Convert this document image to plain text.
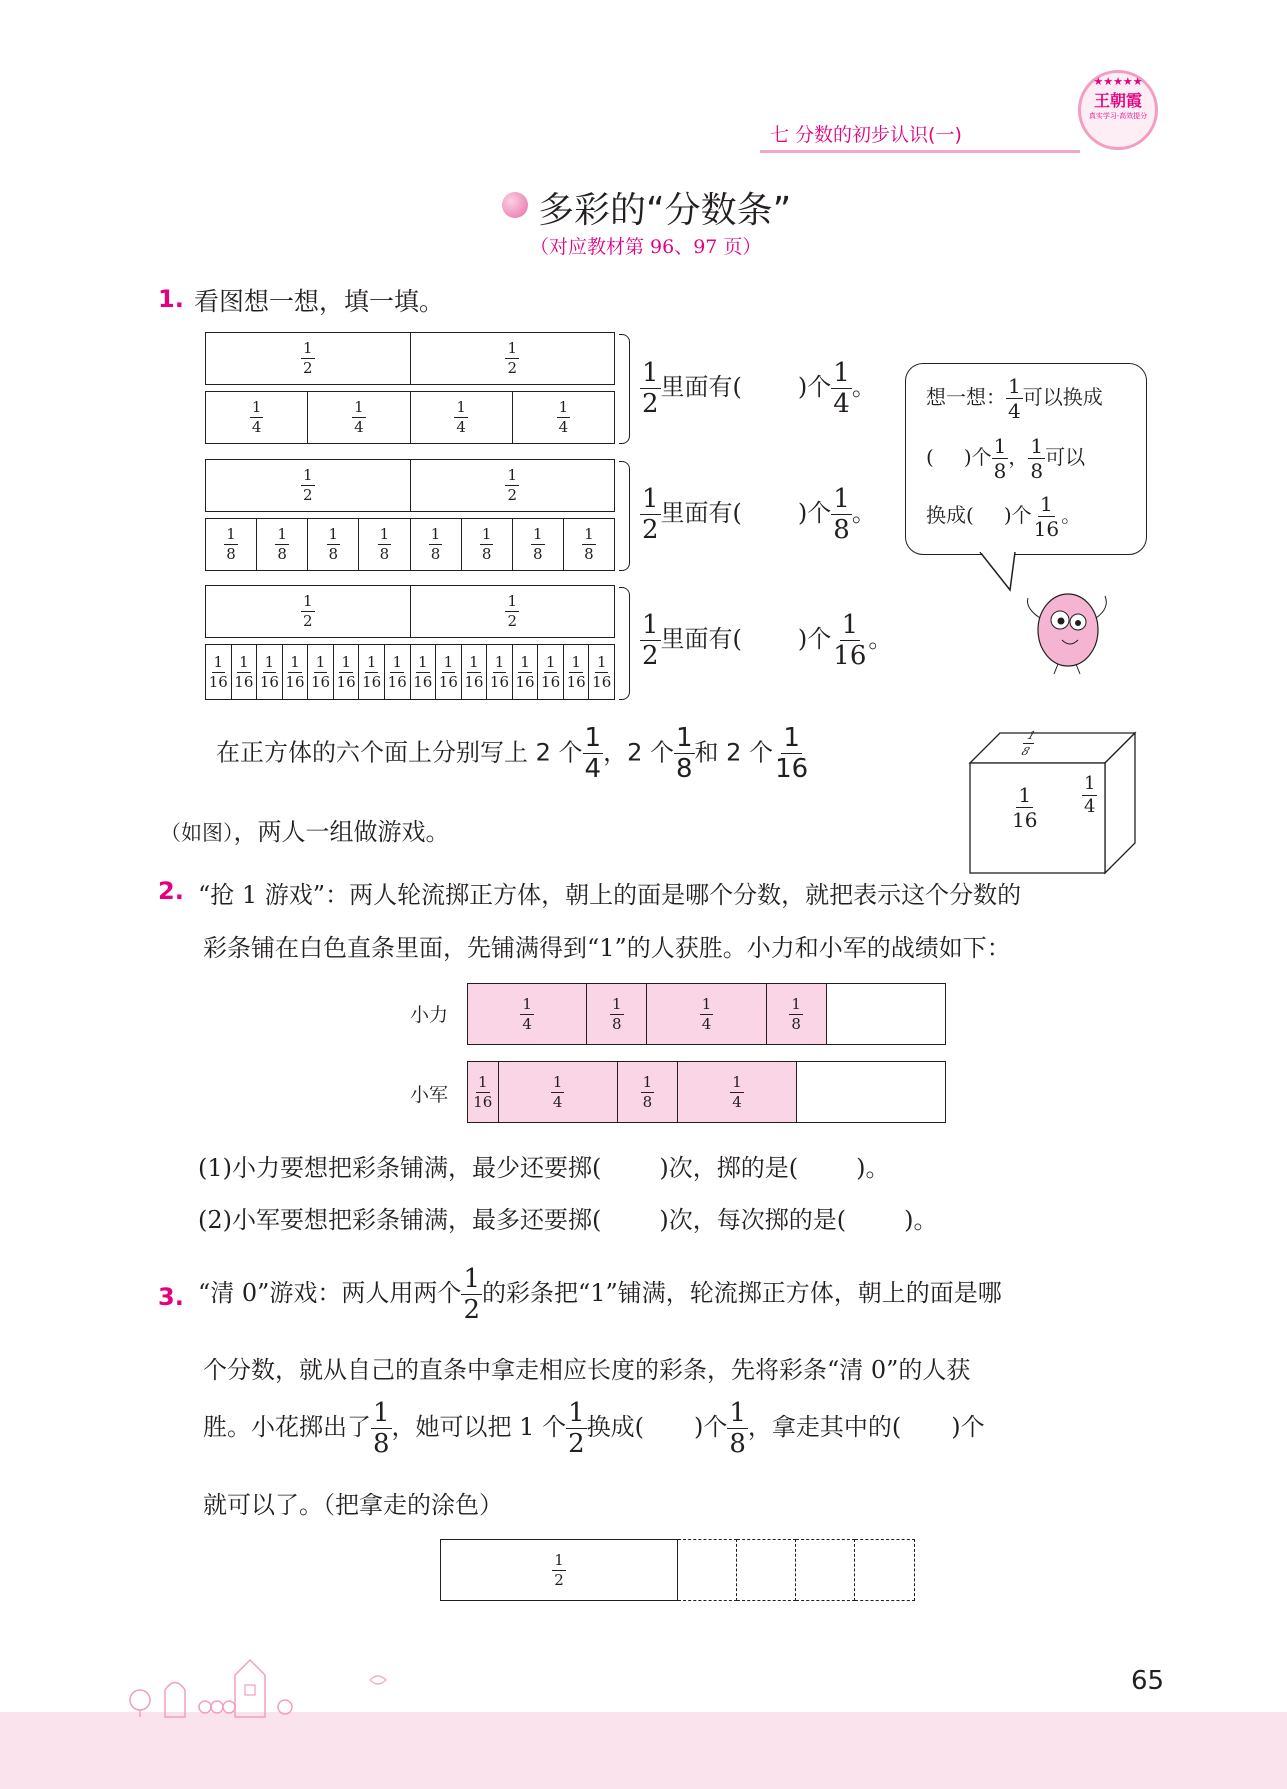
七 分数的初步认识(一)
★★★★★
王朝霞
真实学习·高效提分
多彩的“分数条”
（对应教材第 96、97 页）
1. 看图想一想，填一填。
$\frac{1}{2}$	$\frac{1}{2}$
$\frac{1}{4}$	$\frac{1}{4}$	$\frac{1}{4}$	$\frac{1}{4}$
$\frac{1}{2}$	$\frac{1}{2}$
$\frac{1}{8}$	$\frac{1}{8}$	$\frac{1}{8}$	$\frac{1}{8}$	$\frac{1}{8}$	$\frac{1}{8}$	$\frac{1}{8}$	$\frac{1}{8}$
$\frac{1}{2}$	$\frac{1}{2}$
$\frac{1}{16} \frac{1}{16} \frac{1}{16} \frac{1}{16} \frac{1}{16} \frac{1}{16} \frac{1}{16} \frac{1}{16} \frac{1}{16} \frac{1}{16} \frac{1}{16} \frac{1}{16} \frac{1}{16} \frac{1}{16} \frac{1}{16} \frac{1}{16}$
$\frac{1}{2}$ 里面有( )个 $\frac{1}{4}$ 。
$\frac{1}{2}$ 里面有( )个 $\frac{1}{8}$ 。
$\frac{1}{2}$ 里面有( )个 $\frac{1}{16}$ 。
想一想： $\frac{1}{4}$ 可以换成
( )个 $\frac{1}{8}$ ， $\frac{1}{8}$ 可以
换成( )个 $\frac{1}{16}$ 。
在正方体的六个面上分别写上 2 个 $\frac{1}{4}$ ，2 个 $\frac{1}{8}$ 和 2 个 $\frac{1}{16}$
（如图），两人一组做游戏。
$\frac{1}{8}$
$\frac{1}{16} \frac{1}{4}$
2. “抢 1 游戏”：两人轮流掷正方体，朝上的面是哪个分数，就把表示这个分数的
彩条铺在白色直条里面，先铺满得到“1”的人获胜。小力和小军的战绩如下：
小力	$\frac{1}{4}$	$\frac{1}{8}$	$\frac{1}{4}$	$\frac{1}{8}$
小军 $\frac{1}{16}$	$\frac{1}{4}$	$\frac{1}{8}$	$\frac{1}{4}$
(1)小力要想把彩条铺满，最少还要掷( )次，掷的是( )。
(2)小军要想把彩条铺满，最多还要掷( )次，每次掷的是( )。
3. “清 0”游戏：两人用两个 $\frac{1}{2}$ 的彩条把“1”铺满，轮流掷正方体，朝上的面是哪
个分数，就从自己的直条中拿走相应长度的彩条，先将彩条“清 0”的人获
胜。小花掷出了 $\frac{1}{8}$ ，她可以把 1 个 $\frac{1}{2}$ 换成( )个 $\frac{1}{8}$ ，拿走其中的( )个
就可以了。（把拿走的涂色）
$\frac{1}{2}$
65
